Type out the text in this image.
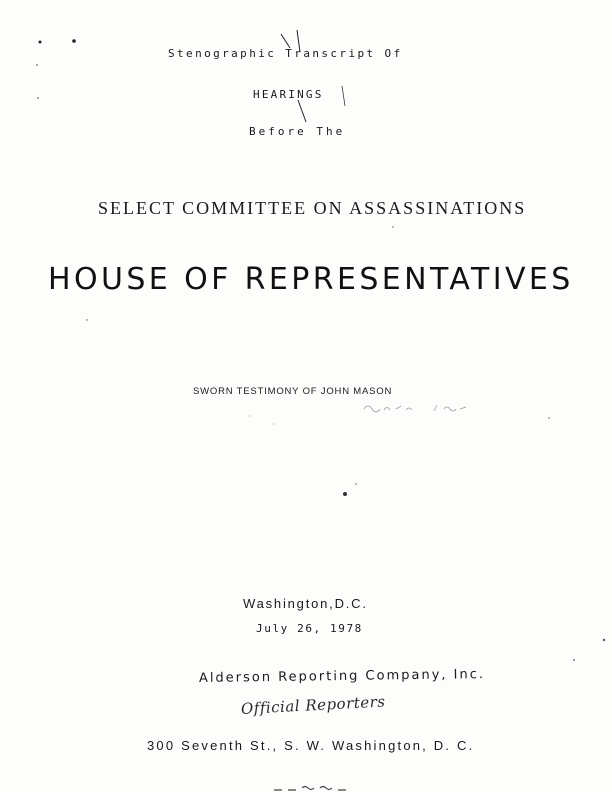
Stenographic Transcript Of
HEARINGS
Before The
SELECT COMMITTEE ON ASSASSINATIONS
HOUSE OF REPRESENTATIVES
SWORN TESTIMONY OF JOHN MASON
Washington,D.C.
July 26, 1978
Alderson Reporting Company, Inc.
Official Reporters
300 Seventh St., S. W. Washington, D. C.
